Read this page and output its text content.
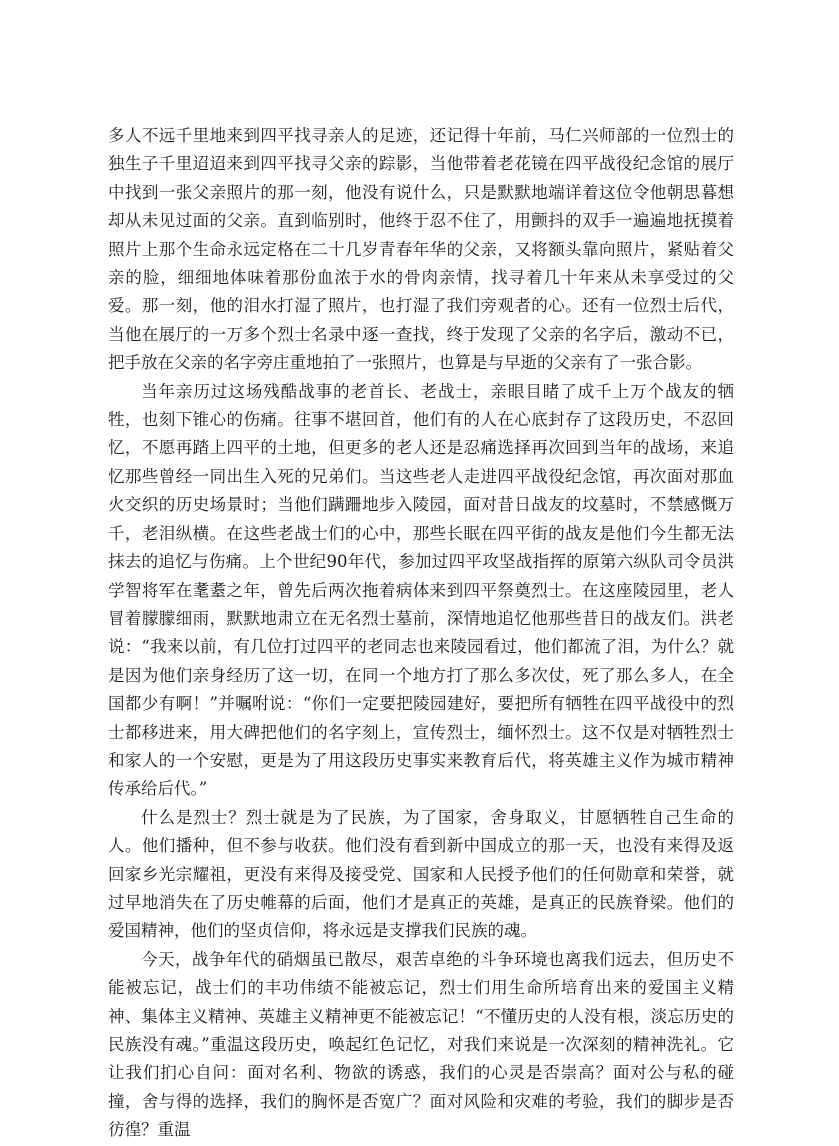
多人不远千里地来到四平找寻亲人的足迹，还记得十年前，马仁兴师部的一位烈士的独生子千里迢迢来到四平找寻父亲的踪影，当他带着老花镜在四平战役纪念馆的展厅中找到一张父亲照片的那一刻，他没有说什么，只是默默地端详着这位令他朝思暮想却从未见过面的父亲。直到临别时，他终于忍不住了，用颤抖的双手一遍遍地抚摸着照片上那个生命永远定格在二十几岁青春年华的父亲，又将额头靠向照片，紧贴着父亲的脸，细细地体味着那份血浓于水的骨肉亲情，找寻着几十年来从未享受过的父爱。那一刻，他的泪水打湿了照片，也打湿了我们旁观者的心。还有一位烈士后代，当他在展厅的一万多个烈士名录中逐一查找，终于发现了父亲的名字后，激动不已，把手放在父亲的名字旁庄重地拍了一张照片，也算是与早逝的父亲有了一张合影。

当年亲历过这场残酷战事的老首长、老战士，亲眼目睹了成千上万个战友的牺牲，也刻下锥心的伤痛。往事不堪回首，他们有的人在心底封存了这段历史，不忍回忆，不愿再踏上四平的土地，但更多的老人还是忍痛选择再次回到当年的战场，来追忆那些曾经一同出生入死的兄弟们。当这些老人走进四平战役纪念馆，再次面对那血火交织的历史场景时；当他们蹒跚地步入陵园，面对昔日战友的坟墓时，不禁感慨万千，老泪纵横。在这些老战士们的心中，那些长眠在四平街的战友是他们今生都无法抹去的追忆与伤痛。上个世纪90年代，参加过四平攻坚战指挥的原第六纵队司令员洪学智将军在耄耋之年，曾先后两次拖着病体来到四平祭奠烈士。在这座陵园里，老人冒着朦朦细雨，默默地肃立在无名烈士墓前，深情地追忆他那些昔日的战友们。洪老说：“我来以前，有几位打过四平的老同志也来陵园看过，他们都流了泪，为什么？就是因为他们亲身经历了这一切，在同一个地方打了那么多次仗，死了那么多人，在全国都少有啊！”并嘱咐说：“你们一定要把陵园建好，要把所有牺牲在四平战役中的烈士都移进来，用大碑把他们的名字刻上，宣传烈士，缅怀烈士。这不仅是对牺牲烈士和家人的一个安慰，更是为了用这段历史事实来教育后代，将英雄主义作为城市精神传承给后代。”

什么是烈士？烈士就是为了民族，为了国家，舍身取义，甘愿牺牲自己生命的人。他们播种，但不参与收获。他们没有看到新中国成立的那一天，也没有来得及返回家乡光宗耀祖，更没有来得及接受党、国家和人民授予他们的任何勋章和荣誉，就过早地消失在了历史帷幕的后面，他们才是真正的英雄，是真正的民族脊梁。他们的爱国精神，他们的坚贞信仰，将永远是支撑我们民族的魂。

今天，战争年代的硝烟虽已散尽，艰苦卓绝的斗争环境也离我们远去，但历史不能被忘记，战士们的丰功伟绩不能被忘记，烈士们用生命所培育出来的爱国主义精神、集体主义精神、英雄主义精神更不能被忘记！“不懂历史的人没有根，淡忘历史的民族没有魂。”重温这段历史，唤起红色记忆，对我们来说是一次深刻的精神洗礼。它让我们扪心自问：面对名利、物欲的诱惑，我们的心灵是否崇高？面对公与私的碰撞，舍与得的选择，我们的胸怀是否宽广？面对风险和灾难的考验，我们的脚步是否彷徨？重温
